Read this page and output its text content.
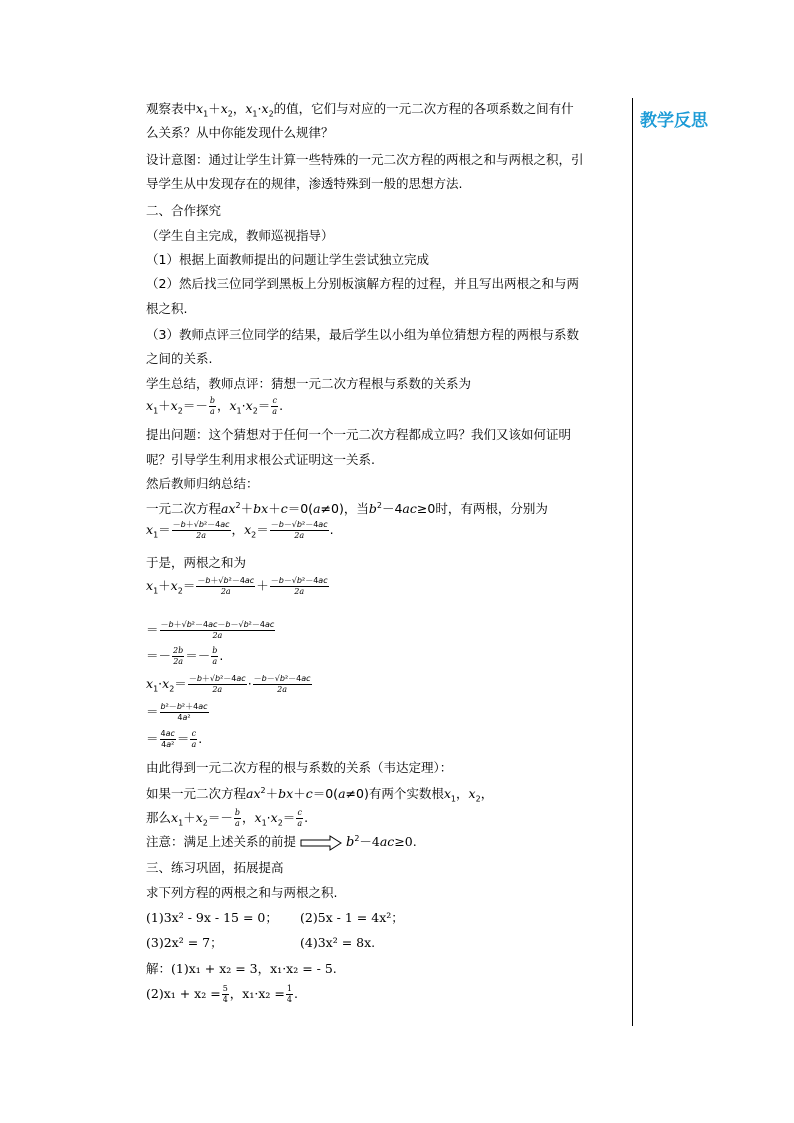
教学反思
观察表中$x_1+x_2$，$x_1\cdot x_2$的值，它们与对应的一元二次方程的各项系数之间有什
么关系？从中你能发现什么规律？
设计意图：通过让学生计算一些特殊的一元二次方程的两根之和与两根之积，引
导学生从中发现存在的规律，渗透特殊到一般的思想方法.
二、合作探究
（学生自主完成，教师巡视指导）
（1）根据上面教师提出的问题让学生尝试独立完成
（2）然后找三位同学到黑板上分别板演解方程的过程，并且写出两根之和与两
根之积.
（3）教师点评三位同学的结果，最后学生以小组为单位猜想方程的两根与系数
之间的关系.
学生总结，教师点评：猜想一元二次方程根与系数的关系为
$x_1+x_2=- \frac{b}{a}$ ，$x_1\cdot x_2= \frac{c}{a}$ .
提出问题：这个猜想对于任何一个一元二次方程都成立吗？我们又该如何证明
呢？引导学生利用求根公式证明这一关系.
然后教师归纳总结：
一元二次方程$ax^2+bx+c=0(a\ne 0)$，当$b^2-4ac\ge 0$时，有两根，分别为
$x_1= \frac{\text{－b＋√b²－4ac}}{2a}$ ，$x_2= \frac{\text{－b－√b²－4ac}}{2a}$ .
于是，两根之和为
$x_1+x_2= \frac{\text{－b＋√b²－4ac}}{2a} + \frac{\text{－b－√b²－4ac}}{2a}$
＝ $\frac{\text{－b＋√b²－4ac－b－√b²－4ac}}{2a}$
＝－ $\frac{2b}{2a} =- \frac{b}{a}$ .
$x_1\cdot x_2= \frac{\text{－b＋√b²－4ac}}{2a} \cdot \frac{\text{－b－√b²－4ac}}{2a}$
＝ $\frac{\text{b²－b²＋4ac}}{\text{4a²}}$
＝ $\frac{4ac}{\text{4a²}} = \frac{c}{a}$ .
由此得到一元二次方程的根与系数的关系（韦达定理）：
如果一元二次方程$ax^2+bx+c=0(a\ne 0)$有两个实数根$x_1$，$x_2$，
那么$x_1+x_2=- \frac{b}{a}$ ，$x_1\cdot x_2= \frac{c}{a}$ .
注意：满足上述关系的前提	$b^2-4ac\ge 0$.
三、练习巩固，拓展提高
求下列方程的两根之和与两根之积.
(1)3x² - 9x - 15 = 0； (2)5x - 1 = 4x²；
(3)2x² = 7；	(4)3x² = 8x.
解：(1)x₁ + x₂ = 3，x₁·x₂ = - 5.
$(2)x_1 + x_2 = \frac{5}{4}$ ，$x_1\cdot x_2 = \frac{1}{4}$ .
